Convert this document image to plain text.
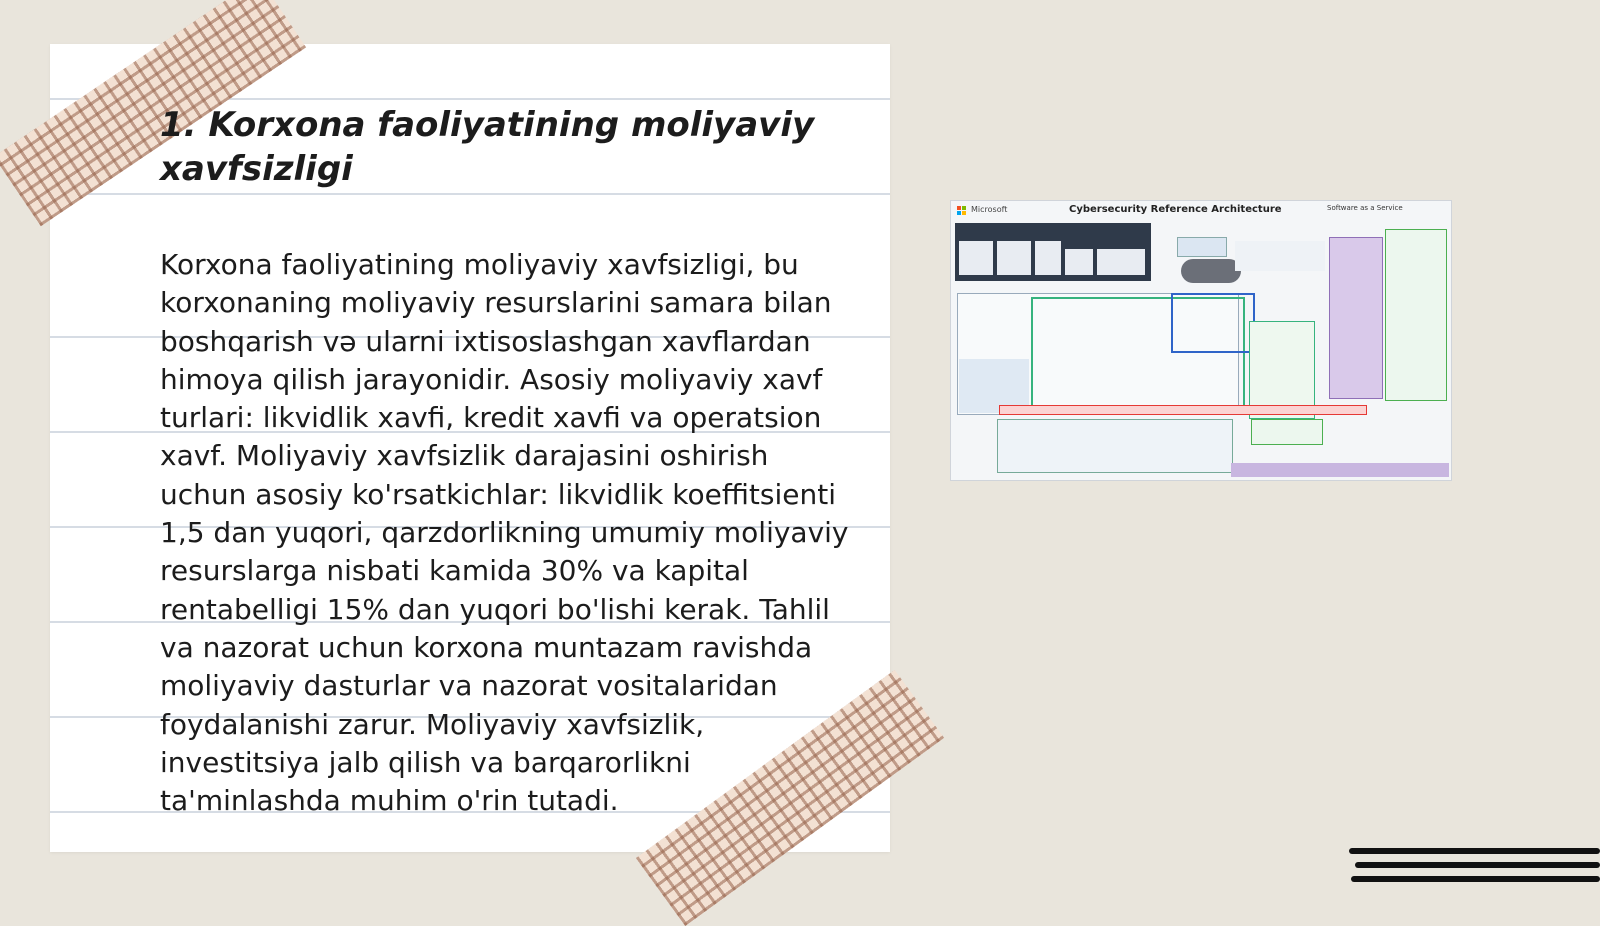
1. Korxona faoliyatining moliyaviy xavfsizligi

Korxona faoliyatining moliyaviy xavfsizligi, bu korxonaning moliyaviy resurslarini samara bilan boshqarish və ularni ixtisoslashgan xavflardan himoya qilish jarayonidir. Asosiy moliyaviy xavf turlari: likvidlik xavfi, kredit xavfi va operatsion xavf. Moliyaviy xavfsizlik darajasini oshirish uchun asosiy ko'rsatkichlar: likvidlik koeffitsienti 1,5 dan yuqori, qarzdorlikning umumiy moliyaviy resurslarga nisbati kamida 30% va kapital rentabelligi 15% dan yuqori bo'lishi kerak. Tahlil va nazorat uchun korxona muntazam ravishda moliyaviy dasturlar va nazorat vositalaridan foydalanishi zarur. Moliyaviy xavfsizlik, investitsiya jalb qilish va barqarorlikni ta'minlashda muhim o'rin tutadi.

Microsoft	Cybersecurity Reference Architecture	Software as a Service
